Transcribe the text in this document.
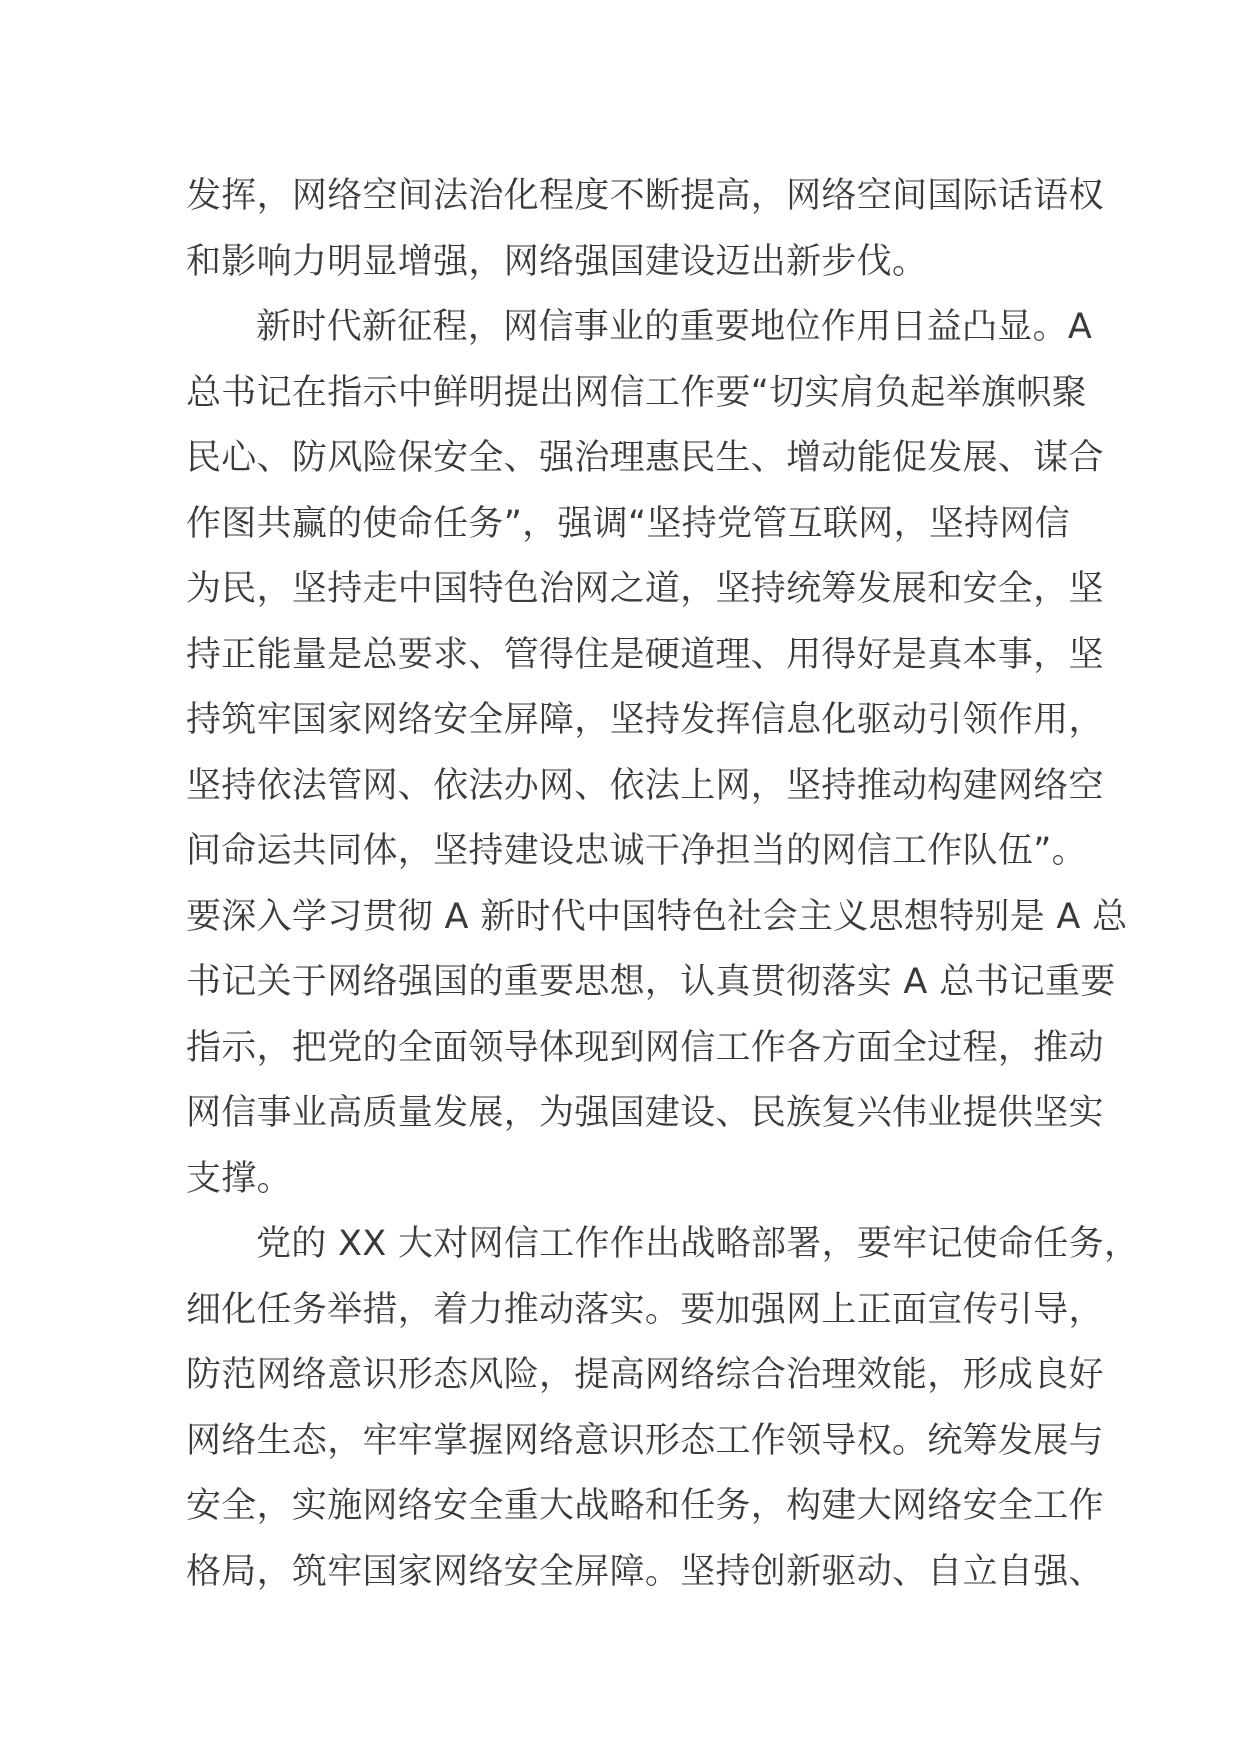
发挥，网络空间法治化程度不断提高，网络空间国际话语权
和影响力明显增强，网络强国建设迈出新步伐。
新时代新征程，网信事业的重要地位作用日益凸显。A
总书记在指示中鲜明提出网信工作要“切实肩负起举旗帜聚
民心、防风险保安全、强治理惠民生、增动能促发展、谋合
作图共赢的使命任务”，强调“坚持党管互联网，坚持网信
为民，坚持走中国特色治网之道，坚持统筹发展和安全，坚
持正能量是总要求、管得住是硬道理、用得好是真本事，坚
持筑牢国家网络安全屏障，坚持发挥信息化驱动引领作用，
坚持依法管网、依法办网、依法上网，坚持推动构建网络空
间命运共同体，坚持建设忠诚干净担当的网信工作队伍”。
要深入学习贯彻 A 新时代中国特色社会主义思想特别是 A 总
书记关于网络强国的重要思想，认真贯彻落实 A 总书记重要
指示，把党的全面领导体现到网信工作各方面全过程，推动
网信事业高质量发展，为强国建设、民族复兴伟业提供坚实
支撑。
党的 XX 大对网信工作作出战略部署，要牢记使命任务，
细化任务举措，着力推动落实。要加强网上正面宣传引导，
防范网络意识形态风险，提高网络综合治理效能，形成良好
网络生态，牢牢掌握网络意识形态工作领导权。统筹发展与
安全，实施网络安全重大战略和任务，构建大网络安全工作
格局，筑牢国家网络安全屏障。坚持创新驱动、自立自强、
